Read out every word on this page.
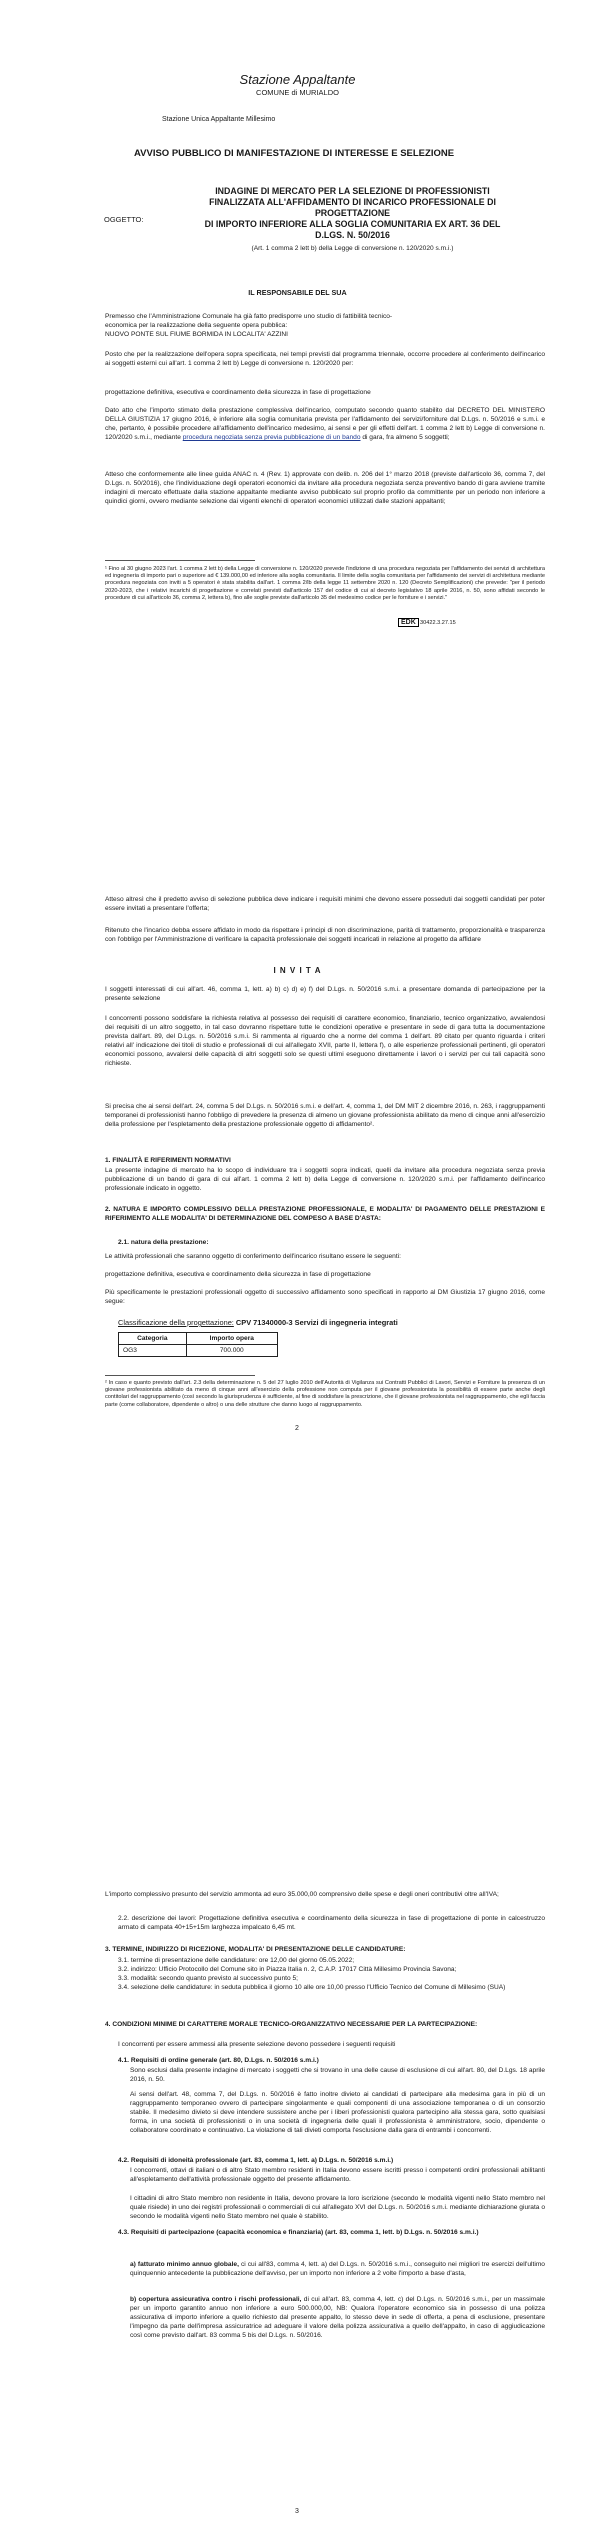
Stazione Appaltante
COMUNE di MURIALDO
Stazione Unica Appaltante Millesimo
AVVISO PUBBLICO DI MANIFESTAZIONE DI INTERESSE E SELEZIONE
OGGETTO:
INDAGINE DI MERCATO PER LA SELEZIONE DI PROFESSIONISTI
FINALIZZATA ALL'AFFIDAMENTO DI INCARICO PROFESSIONALE DI
PROGETTAZIONE
DI IMPORTO INFERIORE ALLA SOGLIA COMUNITARIA EX ART. 36 DEL
D.LGS. N. 50/2016
(Art. 1 comma 2 lett b) della Legge di conversione n. 120/2020 s.m.i.)
IL RESPONSABILE DEL SUA
Premesso che l'Amministrazione Comunale ha già fatto predisporre uno studio di fattibilità tecnico-
economica per la realizzazione della seguente opera pubblica:
NUOVO PONTE SUL FIUME BORMIDA IN LOCALITA' AZZINI

Posto che per la realizzazione dell'opera sopra specificata, nei tempi previsti dal programma triennale, occorre procedere al conferimento dell'incarico ai soggetti esterni cui all'art. 1 comma 2 lett b) Legge di conversione n. 120/2020 per:

progettazione definitiva, esecutiva e coordinamento della sicurezza in fase di progettazione

Dato atto che l'importo stimato della prestazione complessiva dell'incarico, computato secondo quanto stabilito dal DECRETO DEL MINISTERO DELLA GIUSTIZIA 17 giugno 2016, è inferiore alla soglia comunitaria prevista per l'affidamento dei servizi/forniture dal D.Lgs. n. 50/2016 e s.m.i. e che, pertanto, è possibile procedere all'affidamento dell'incarico medesimo, ai sensi e per gli effetti dell'art. 1 comma 2 lett b) Legge di conversione n. 120/2020 s.m.i., mediante procedura negoziata senza previa pubblicazione di un bando di gara, fra almeno 5 soggetti;

Atteso che conformemente alle linee guida ANAC n. 4 (Rev. 1) approvate con delib. n. 206 del 1° marzo 2018 (previste dall'articolo 36, comma 7, del D.Lgs. n. 50/2016), che l'individuazione degli operatori economici da invitare alla procedura negoziata senza preventivo bando di gara avviene tramite indagini di mercato effettuate dalla stazione appaltante mediante avviso pubblicato sul proprio profilo da committente per un periodo non inferiore a quindici giorni, ovvero mediante selezione dai vigenti elenchi di operatori economici utilizzati dalle stazioni appaltanti;

¹ Fino al 30 giugno 2023 l'art. 1 comma 2 lett b) della Legge di conversione n. 120/2020 prevede l'indizione di una procedura negoziata per l'affidamento dei servizi di architettura ed ingegneria di importo pari o superiore ad € 139.000,00 ed inferiore alla soglia comunitaria. Il limite della soglia comunitaria per l'affidamento dei servizi di architettura mediante procedura negoziata con inviti a 5 operatori è stata stabilita dall'art. 1 comma 2/lb della legge 11 settembre 2020 n. 120 (Decreto Semplificazioni) che prevede: "per il periodo 2020-2023, che i relativi incarichi di progettazione e correlati previsti dall'articolo 157 del codice di cui al decreto legislativo 18 aprile 2016, n. 50, sono affidati secondo le procedure di cui all'articolo 36, comma 2, lettera b), fino alle soglie previste dall'articolo 35 del medesimo codice per le forniture e i servizi."

EDK 30422.3.27.15

Atteso altresì che il predetto avviso di selezione pubblica deve indicare i requisiti minimi che devono essere posseduti dai soggetti candidati per poter essere invitati a presentare l'offerta;

Ritenuto che l'incarico debba essere affidato in modo da rispettare i principi di non discriminazione, parità di trattamento, proporzionalità e trasparenza con l'obbligo per l'Amministrazione di verificare la capacità professionale dei soggetti incaricati in relazione al progetto da affidare

I N V I T A

I soggetti interessati di cui all'art. 46, comma 1, lett. a) b) c) d) e) f) del D.Lgs. n. 50/2016 s.m.i. a presentare domanda di partecipazione per la presente selezione

I concorrenti possono soddisfare la richiesta relativa al possesso dei requisiti di carattere economico, finanziario, tecnico organizzativo, avvalendosi dei requisiti di un altro soggetto, in tal caso dovranno rispettare tutte le condizioni operative e presentare in sede di gara tutta la documentazione prevista dall'art. 89, del D.Lgs. n. 50/2016 s.m.i. Si rammenta al riguardo che a norme del comma 1 dell'art. 89 citato per quanto riguarda i criteri relativi all' indicazione dei titoli di studio e professionali di cui all'allegato XVII, parte II, lettera f), o alle esperienze professionali pertinenti, gli operatori economici possono, avvalersi delle capacità di altri soggetti solo se questi ultimi eseguono direttamente i lavori o i servizi per cui tali capacità sono richieste.

Si precisa che ai sensi dell'art. 24, comma 5 del D.Lgs. n. 50/2016 s.m.i. e dell'art. 4, comma 1, del DM MIT 2 dicembre 2016, n. 263, i raggruppamenti temporanei di professionisti hanno l'obbligo di prevedere la presenza di almeno un giovane professionista abilitato da meno di cinque anni all'esercizio della professione per l'espletamento della prestazione professionale oggetto di affidamento².

1. FINALITÀ E RIFERIMENTI NORMATIVI

La presente indagine di mercato ha lo scopo di individuare tra i soggetti sopra indicati, quelli da invitare alla procedura negoziata senza previa pubblicazione di un bando di gara di cui all'art. 1 comma 2 lett b) della Legge di conversione n. 120/2020 s.m.i. per l'affidamento dell'incarico professionale indicato in oggetto.

2. NATURA E IMPORTO COMPLESSIVO DELLA PRESTAZIONE PROFESSIONALE, E MODALITA' DI PAGAMENTO DELLE PRESTAZIONI E RIFERIMENTO ALLE MODALITA' DI DETERMINAZIONE DEL COMPESO A BASE D'ASTA:
2.1. natura della prestazione:

Le attività professionali che saranno oggetto di conferimento dell'incarico risultano essere le seguenti:

progettazione definitiva, esecutiva e coordinamento della sicurezza in fase di progettazione

Più specificamente le prestazioni professionali oggetto di successivo affidamento sono specificati in rapporto al DM Giustizia 17 giugno 2016, come segue:

Classificazione della progettazione: CPV 71340000-3 Servizi di ingegneria integrati
Categoria	Importo opera
OG3	700.000

² In caso e quanto previsto dall'art. 2.3 della determinazione n. 5 del 27 luglio 2010 dell'Autorità di Vigilanza sui Contratti Pubblici di Lavori, Servizi e Forniture la presenza di un giovane professionista abilitato da meno di cinque anni all'esercizio della professione non computa per il giovane professionista la possibilità di essere parte anche degli contitolari del raggruppamento (così secondo la giurisprudenza è sufficiente, al fine di soddisfare la prescrizione, che il giovane professionista nel raggruppamento, che egli faccia parte (come collaboratore, dipendente o altro) o una delle strutture che danno luogo al raggruppamento.

2

L'importo complessivo presunto del servizio ammonta ad euro 35.000,00 comprensivo delle spese e degli oneri contributivi oltre all'IVA;

2.2. descrizione dei lavori: Progettazione definitiva esecutiva e coordinamento della sicurezza in fase di progettazione di ponte in calcestruzzo armato di campata 40+15+15m larghezza impalcato 6,45 mt.

3. TERMINE, INDIRIZZO DI RICEZIONE, MODALITA' DI PRESENTAZIONE DELLE CANDIDATURE:
3.1. termine di presentazione delle candidature: ore 12,00 del giorno 05.05.2022;
3.2. indirizzo: Ufficio Protocollo del Comune sito in Piazza Italia n. 2, C.A.P. 17017 Città Millesimo Provincia Savona;
3.3. modalità: secondo quanto previsto al successivo punto 5;
3.4. selezione delle candidature: in seduta pubblica il giorno 10 alle ore 10,00 presso l'Ufficio Tecnico del Comune di Millesimo (SUA)
4. CONDIZIONI MINIME DI CARATTERE MORALE TECNICO-ORGANIZZATIVO NECESSARIE PER LA PARTECIPAZIONE:

I concorrenti per essere ammessi alla presente selezione devono possedere i seguenti requisiti

4.1. Requisiti di ordine generale (art. 80, D.Lgs. n. 50/2016 s.m.i.)

Sono esclusi dalla presente indagine di mercato i soggetti che si trovano in una delle cause di esclusione di cui all'art. 80, del D.Lgs. 18 aprile 2016, n. 50.

Ai sensi dell'art. 48, comma 7, del D.Lgs. n. 50/2016 è fatto inoltre divieto ai candidati di partecipare alla medesima gara in più di un raggruppamento temporaneo ovvero di partecipare singolarmente e quali componenti di una associazione temporanea o di un consorzio stabile. Il medesimo divieto si deve intendere sussistere anche per i liberi professionisti qualora partecipino alla stessa gara, sotto qualsiasi forma, in una società di professionisti o in una società di ingegneria delle quali il professionista è amministratore, socio, dipendente o collaboratore coordinato e continuativo. La violazione di tali divieti comporta l'esclusione dalla gara di entrambi i concorrenti.

4.2. Requisiti di idoneità professionale (art. 83, comma 1, lett. a) D.Lgs. n. 50/2016 s.m.i.)

I concorrenti, ottavi di italiani o di altro Stato membro residenti in Italia devono essere iscritti presso i competenti ordini professionali abilitanti all'espletamento dell'attività professionale oggetto del presente affidamento.

I cittadini di altro Stato membro non residente in Italia, devono provare la loro iscrizione (secondo le modalità vigenti nello Stato membro nel quale risiede) in uno dei registri professionali o commerciali di cui all'allegato XVI del D.Lgs. n. 50/2016 s.m.i. mediante dichiarazione giurata o secondo le modalità vigenti nello Stato membro nel quale è stabilito.

4.3. Requisiti di partecipazione (capacità economica e finanziaria) (art. 83, comma 1, lett. b) D.Lgs. n. 50/2016 s.m.i.)

a) fatturato minimo annuo globale, ci cui all'83, comma 4, lett. a) del D.Lgs. n. 50/2016 s.m.i., conseguito nei migliori tre esercizi dell'ultimo quinquennio antecedente la pubblicazione dell'avviso, per un importo non inferiore a 2 volte l'importo a base d'asta,

b) copertura assicurativa contro i rischi professionali, di cui all'art. 83, comma 4, lett. c) del D.Lgs. n. 50/2016 s.m.i., per un massimale per un importo garantito annuo non inferiore a euro 500.000,00, NB: Qualora l'operatore economico sia in possesso di una polizza assicurativa di importo inferiore a quello richiesto dal presente appalto, lo stesso deve in sede di offerta, a pena di esclusione, presentare l'impegno da parte dell'impresa assicuratrice ad adeguare il valore della polizza assicurativa a quello dell'appalto, in caso di aggiudicazione così come previsto dall'art. 83 comma 5 bis del D.Lgs. n. 50/2016.

3
